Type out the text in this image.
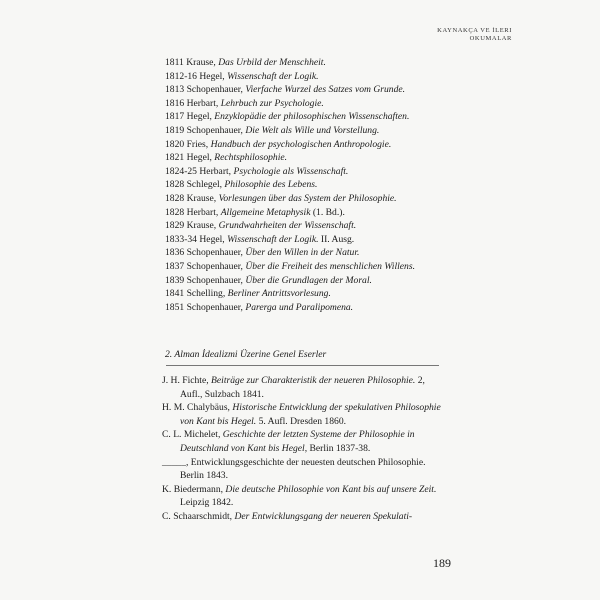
KAYNAKÇA VE İLERI
OKUMALAR
1811 Krause, Das Urbild der Menschheit.
1812-16 Hegel, Wissenschaft der Logik.
1813 Schopenhauer, Vierfache Wurzel des Satzes vom Grunde.
1816 Herbart, Lehrbuch zur Psychologie.
1817 Hegel, Enzyklopädie der philosophischen Wissenschaften.
1819 Schopenhauer, Die Welt als Wille und Vorstellung.
1820 Fries, Handbuch der psychologischen Anthropologie.
1821 Hegel, Rechtsphilosophie.
1824-25 Herbart, Psychologie als Wissenschaft.
1828 Schlegel, Philosophie des Lebens.
1828 Krause, Vorlesungen über das System der Philosophie.
1828 Herbart, Allgemeine Metaphysik (1. Bd.).
1829 Krause, Grundwahrheiten der Wissenschaft.
1833-34 Hegel, Wissenschaft der Logik. II. Ausg.
1836 Schopenhauer, Über den Willen in der Natur.
1837 Schopenhauer, Über die Freiheit des menschlichen Willens.
1839 Schopenhauer, Über die Grundlagen der Moral.
1841 Schelling, Berliner Antrittsvorlesung.
1851 Schopenhauer, Parerga und Paralipomena.
2. Alman İdealizmi Üzerine Genel Eserler
J. H. Fichte, Beiträge zur Charakteristik der neueren Philosophie. 2, Aufl., Sulzbach 1841.
H. M. Chalybäus, Historische Entwicklung der spekulativen Philosophie von Kant bis Hegel. 5. Aufl. Dresden 1860.
C. L. Michelet, Geschichte der letzten Systeme der Philosophie in Deutschland von Kant bis Hegel, Berlin 1837-38.
_____, Entwicklungsgeschichte der neuesten deutschen Philosophie. Berlin 1843.
K. Biedermann, Die deutsche Philosophie von Kant bis auf unsere Zeit. Leipzig 1842.
C. Schaarschmidt, Der Entwicklungsgang der neueren Spekulati-
189
